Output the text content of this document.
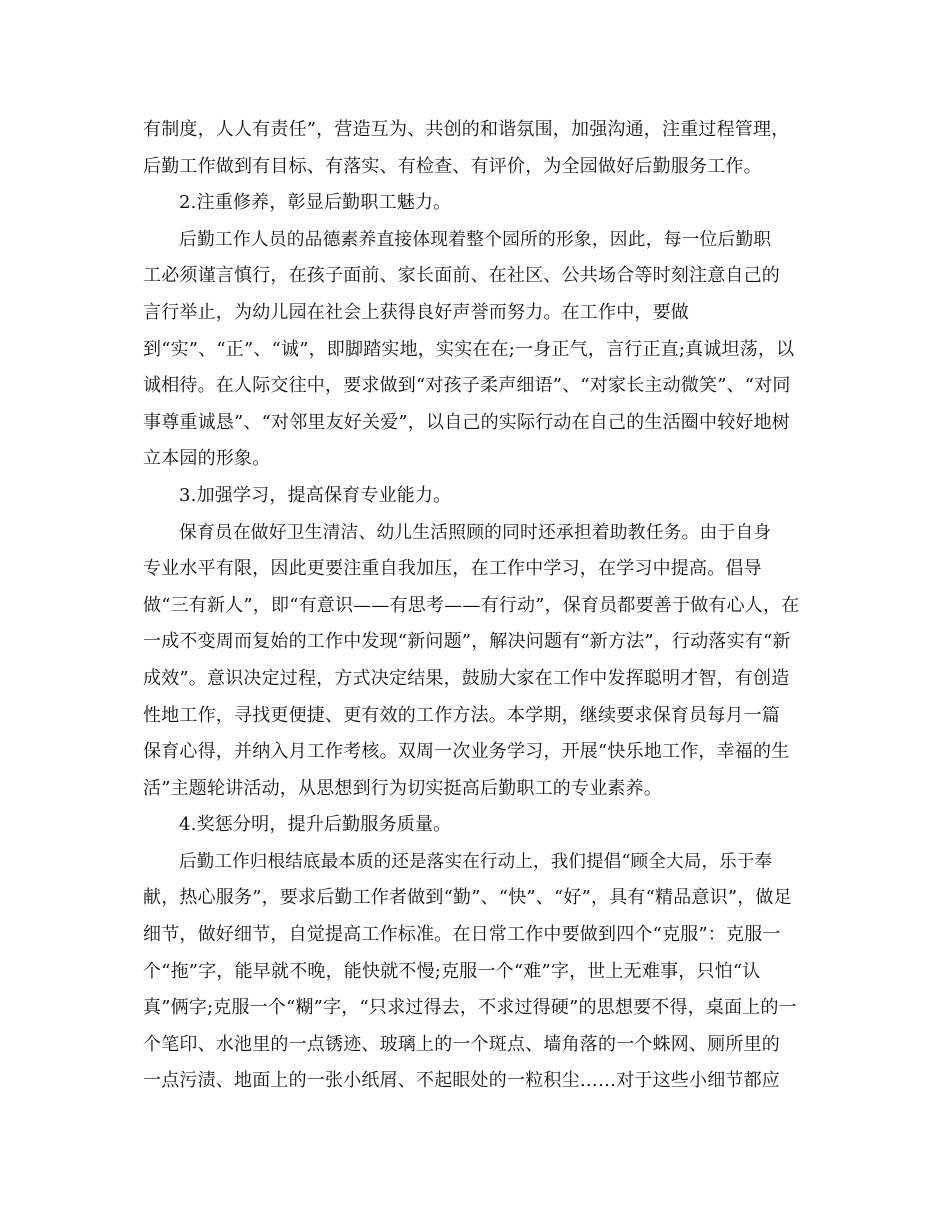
有制度，人人有责任”，营造互为、共创的和谐氛围，加强沟通，注重过程管理，
后勤工作做到有目标、有落实、有检查、有评价，为全园做好后勤服务工作。
2.注重修养，彰显后勤职工魅力。
后勤工作人员的品德素养直接体现着整个园所的形象，因此，每一位后勤职
工必须谨言慎行，在孩子面前、家长面前、在社区、公共场合等时刻注意自己的
言行举止，为幼儿园在社会上获得良好声誉而努力。在工作中，要做
到“实”、“正”、“诚”，即脚踏实地，实实在在;一身正气，言行正直;真诚坦荡，以
诚相待。在人际交往中，要求做到“对孩子柔声细语”、“对家长主动微笑”、“对同
事尊重诚恳”、“对邻里友好关爱”，以自己的实际行动在自己的生活圈中较好地树
立本园的形象。
3.加强学习，提高保育专业能力。
保育员在做好卫生清洁、幼儿生活照顾的同时还承担着助教任务。由于自身
专业水平有限，因此更要注重自我加压，在工作中学习，在学习中提高。倡导
做“三有新人”，即“有意识——有思考——有行动”，保育员都要善于做有心人，在
一成不变周而复始的工作中发现“新问题”，解决问题有“新方法”，行动落实有“新
成效”。意识决定过程，方式决定结果，鼓励大家在工作中发挥聪明才智，有创造
性地工作，寻找更便捷、更有效的工作方法。本学期，继续要求保育员每月一篇
保育心得，并纳入月工作考核。双周一次业务学习，开展“快乐地工作，幸福的生
活”主题轮讲活动，从思想到行为切实挺高后勤职工的专业素养。
4.奖惩分明，提升后勤服务质量。
后勤工作归根结底最本质的还是落实在行动上，我们提倡“顾全大局，乐于奉
献，热心服务”，要求后勤工作者做到“勤”、“快”、“好”，具有“精品意识”，做足
细节，做好细节，自觉提高工作标准。在日常工作中要做到四个“克服”：克服一
个“拖”字，能早就不晚，能快就不慢;克服一个“难”字，世上无难事，只怕“认
真”俩字;克服一个“糊”字，“只求过得去，不求过得硬”的思想要不得，桌面上的一
个笔印、水池里的一点锈迹、玻璃上的一个斑点、墙角落的一个蛛网、厕所里的
一点污渍、地面上的一张小纸屑、不起眼处的一粒积尘……对于这些小细节都应
